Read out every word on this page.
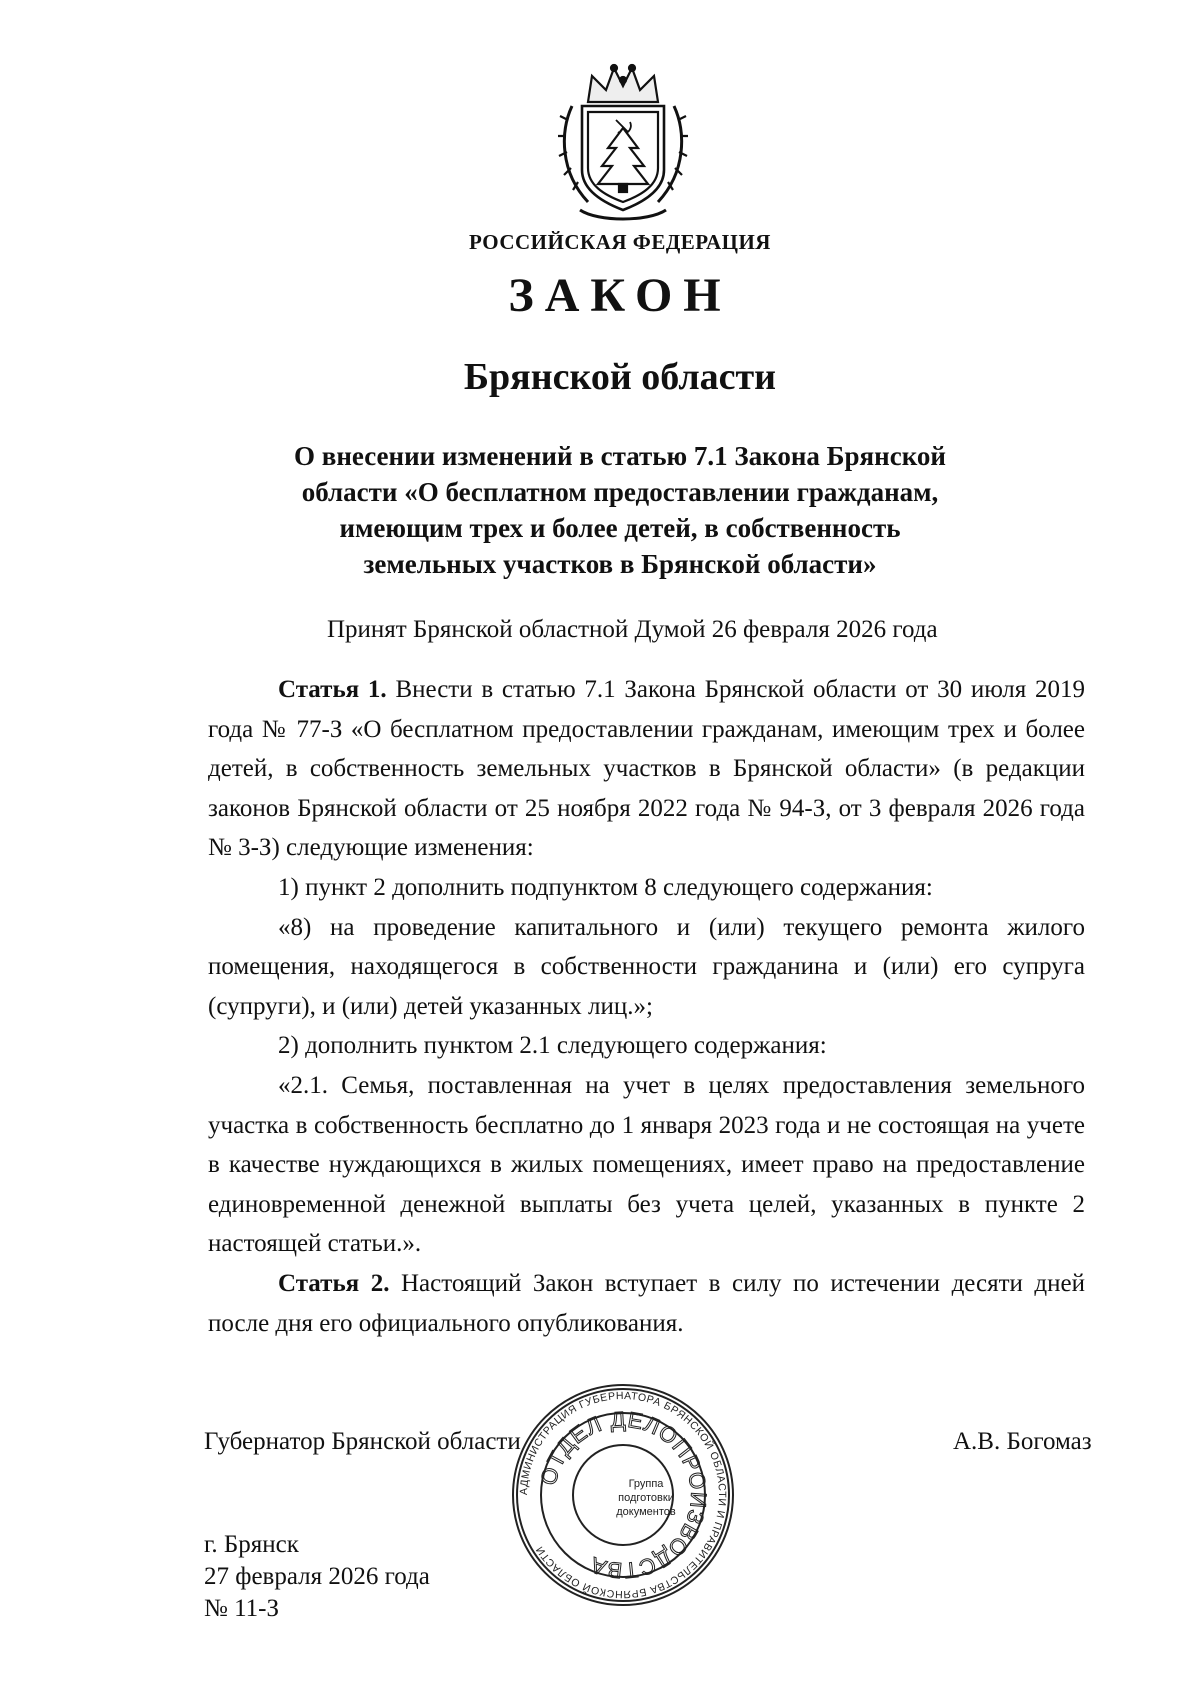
РОССИЙСКАЯ ФЕДЕРАЦИЯ
ЗАКОН
Брянской области
О внесении изменений в статью 7.1 Закона Брянской
области «О бесплатном предоставлении гражданам,
имеющим трех и более детей, в собственность
земельных участков в Брянской области»
Принят Брянской областной Думой 26 февраля 2026 года

Статья 1. Внести в статью 7.1 Закона Брянской области от 30 июля 2019 года № 77-З «О бесплатном предоставлении гражданам, имеющим трех и более детей, в собственность земельных участков в Брянской области» (в редакции законов Брянской области от 25 ноября 2022 года № 94-З, от 3 февраля 2026 года № 3-З) следующие изменения:

1) пункт 2 дополнить подпунктом 8 следующего содержания:

«8) на проведение капитального и (или) текущего ремонта жилого помещения, находящегося в собственности гражданина и (или) его супруга (супруги), и (или) детей указанных лиц.»;

2) дополнить пунктом 2.1 следующего содержания:

«2.1. Семья, поставленная на учет в целях предоставления земельного участка в собственность бесплатно до 1 января 2023 года и не состоящая на учете в качестве нуждающихся в жилых помещениях, имеет право на предоставление единовременной денежной выплаты без учета целей, указанных в пункте 2 настоящей статьи.».

Статья 2. Настоящий Закон вступает в силу по истечении десяти дней после дня его официального опубликования.

Губернатор Брянской области	А.В. Богомаз
АДМИНИСТРАЦИЯ ГУБЕРНАТОРА БРЯНСКОЙ ОБЛАСТИ И ПРАВИТЕЛЬСТВА БРЯНСКОЙ ОБЛАСТИ
ОТДЕЛ ДЕЛОПРОИЗВОДСТВА
Группа
подготовки
документов
г. Брянск
27 февраля 2026 года
№ 11-З
